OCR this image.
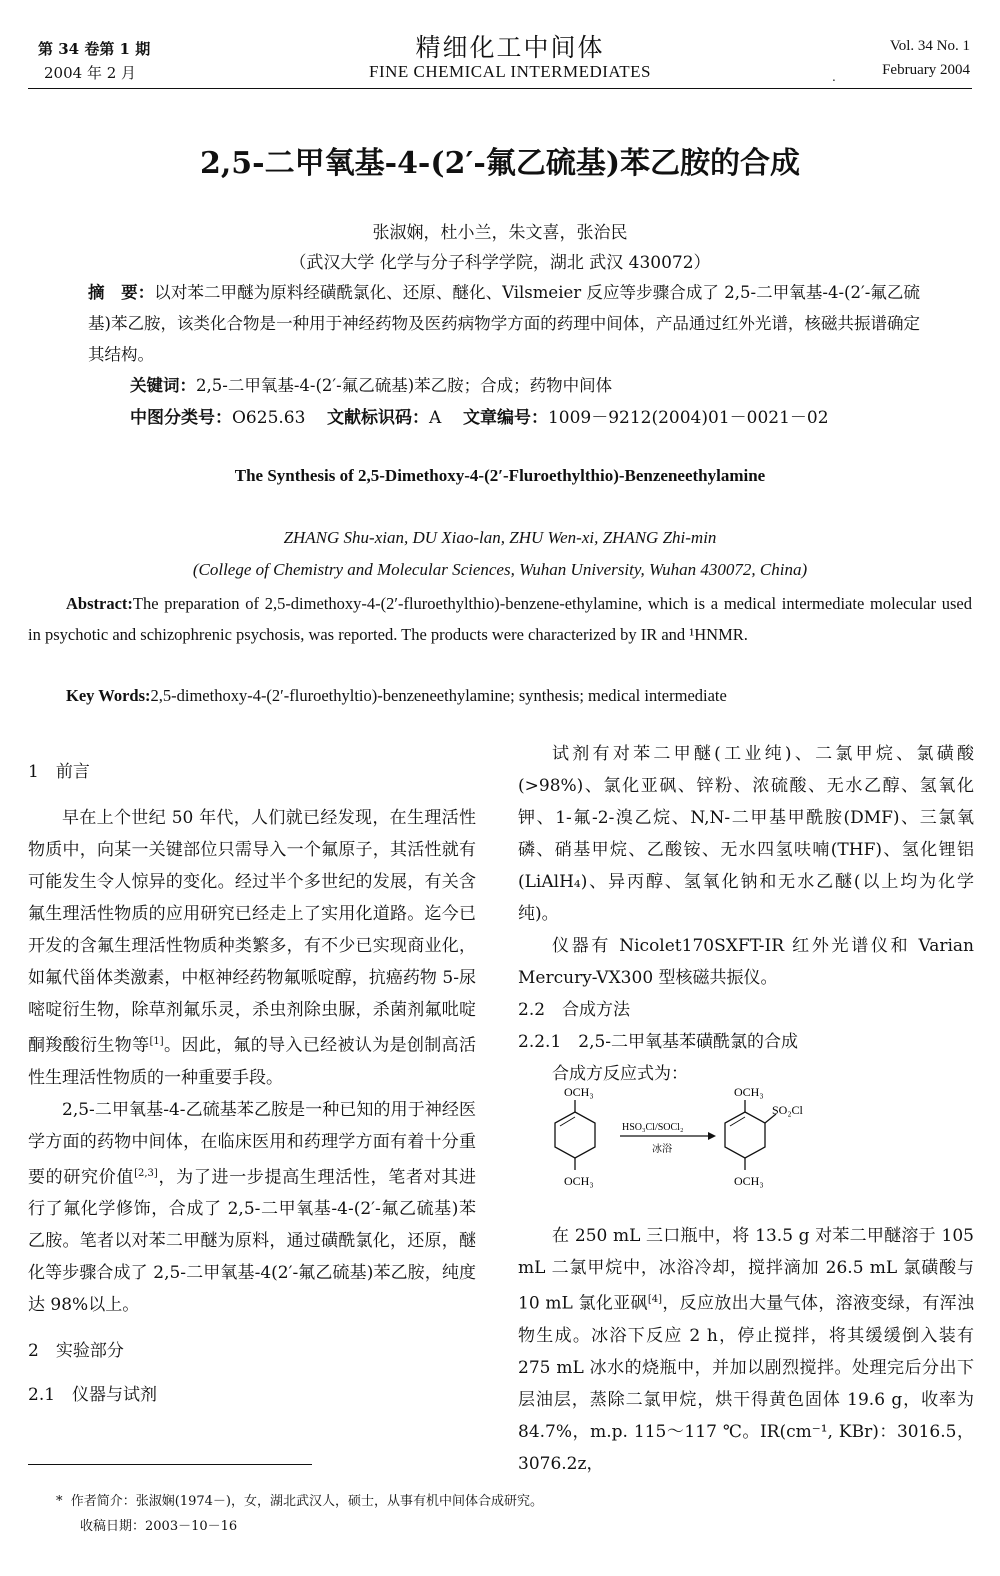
第 34 卷第 1 期
2004 年 2 月
精细化工中间体
FINE CHEMICAL INTERMEDIATES
Vol. 34 No. 1
February 2004
.
2,5-二甲氧基-4-(2′-氟乙硫基)苯乙胺的合成
张淑娴，杜小兰，朱文喜，张治民
（武汉大学 化学与分子科学学院，湖北 武汉 430072）
摘　要：以对苯二甲醚为原料经磺酰氯化、还原、醚化、Vilsmeier 反应等步骤合成了 2,5-二甲氧基-4-(2′-氟乙硫基)苯乙胺，该类化合物是一种用于神经药物及医药病物学方面的药理中间体，产品通过红外光谱，核磁共振谱确定其结构。
关键词：2,5-二甲氧基-4-(2′-氟乙硫基)苯乙胺；合成；药物中间体
中图分类号：O625.63 文献标识码：A 文章编号：1009－9212(2004)01－0021－02
The Synthesis of 2,5-Dimethoxy-4-(2′-Fluroethylthio)-Benzeneethylamine
ZHANG Shu-xian, DU Xiao-lan, ZHU Wen-xi, ZHANG Zhi-min
(College of Chemistry and Molecular Sciences, Wuhan University, Wuhan 430072, China)
Abstract:The preparation of 2,5-dimethoxy-4-(2′-fluroethylthio)-benzene-ethylamine, which is a medical intermediate molecular used in psychotic and schizophrenic psychosis, was reported. The products were characterized by IR and ¹HNMR.
Key Words:2,5-dimethoxy-4-(2′-fluroethyltio)-benzeneethylamine; synthesis; medical intermediate
1　前言
早在上个世纪 50 年代，人们就已经发现，在生理活性物质中，向某一关键部位只需导入一个氟原子，其活性就有可能发生令人惊异的变化。经过半个多世纪的发展，有关含氟生理活性物质的应用研究已经走上了实用化道路。迄今已开发的含氟生理活性物质种类繁多，有不少已实现商业化，如氟代甾体类激素，中枢神经药物氟哌啶醇，抗癌药物 5-尿嘧啶衍生物，除草剂氟乐灵，杀虫剂除虫脲，杀菌剂氟吡啶酮羧酸衍生物等[1]。因此，氟的导入已经被认为是创制高活性生理活性物质的一种重要手段。
2,5-二甲氧基-4-乙硫基苯乙胺是一种已知的用于神经医学方面的药物中间体，在临床医用和药理学方面有着十分重要的研究价值[2,3]，为了进一步提高生理活性，笔者对其进行了氟化学修饰，合成了 2,5-二甲氧基-4-(2′-氟乙硫基)苯乙胺。笔者以对苯二甲醚为原料，通过磺酰氯化，还原，醚化等步骤合成了 2,5-二甲氧基-4(2′-氟乙硫基)苯乙胺，纯度达 98%以上。
2　实验部分
2.1　仪器与试剂
试剂有对苯二甲醚(工业纯)、二氯甲烷、氯磺酸(>98%)、氯化亚砜、锌粉、浓硫酸、无水乙醇、氢氧化钾、1-氟-2-溴乙烷、N,N-二甲基甲酰胺(DMF)、三氯氧磷、硝基甲烷、乙酸铵、无水四氢呋喃(THF)、氢化锂铝(LiAlH₄)、异丙醇、氢氧化钠和无水乙醚(以上均为化学纯)。
仪器有 Nicolet170SXFT-IR 红外光谱仪和 Varian Mercury-VX300 型核磁共振仪。
2.2　合成方法
2.2.1　2,5-二甲氧基苯磺酰氯的合成
合成方反应式为：
在 250 mL 三口瓶中，将 13.5 g 对苯二甲醚溶于 105 mL 二氯甲烷中，冰浴冷却，搅拌滴加 26.5 mL 氯磺酸与 10 mL 氯化亚砜[4]，反应放出大量气体，溶液变绿，有浑浊物生成。冰浴下反应 2 h，停止搅拌，将其缓缓倒入装有 275 mL 冰水的烧瓶中，并加以剧烈搅拌。处理完后分出下层油层，蒸除二氯甲烷，烘干得黄色固体 19.6 g，收率为 84.7%，m.p. 115～117 ℃。IR(cm⁻¹, KBr)：3016.5，3076.2z，
OCH₃
OCH₃
HSO₃Cl/SOCl₂
冰浴
OCH₃
OCH₃
SO₂Cl
*  作者简介：张淑娴(1974－)，女，湖北武汉人，硕士，从事有机中间体合成研究。
收稿日期：2003－10－16
